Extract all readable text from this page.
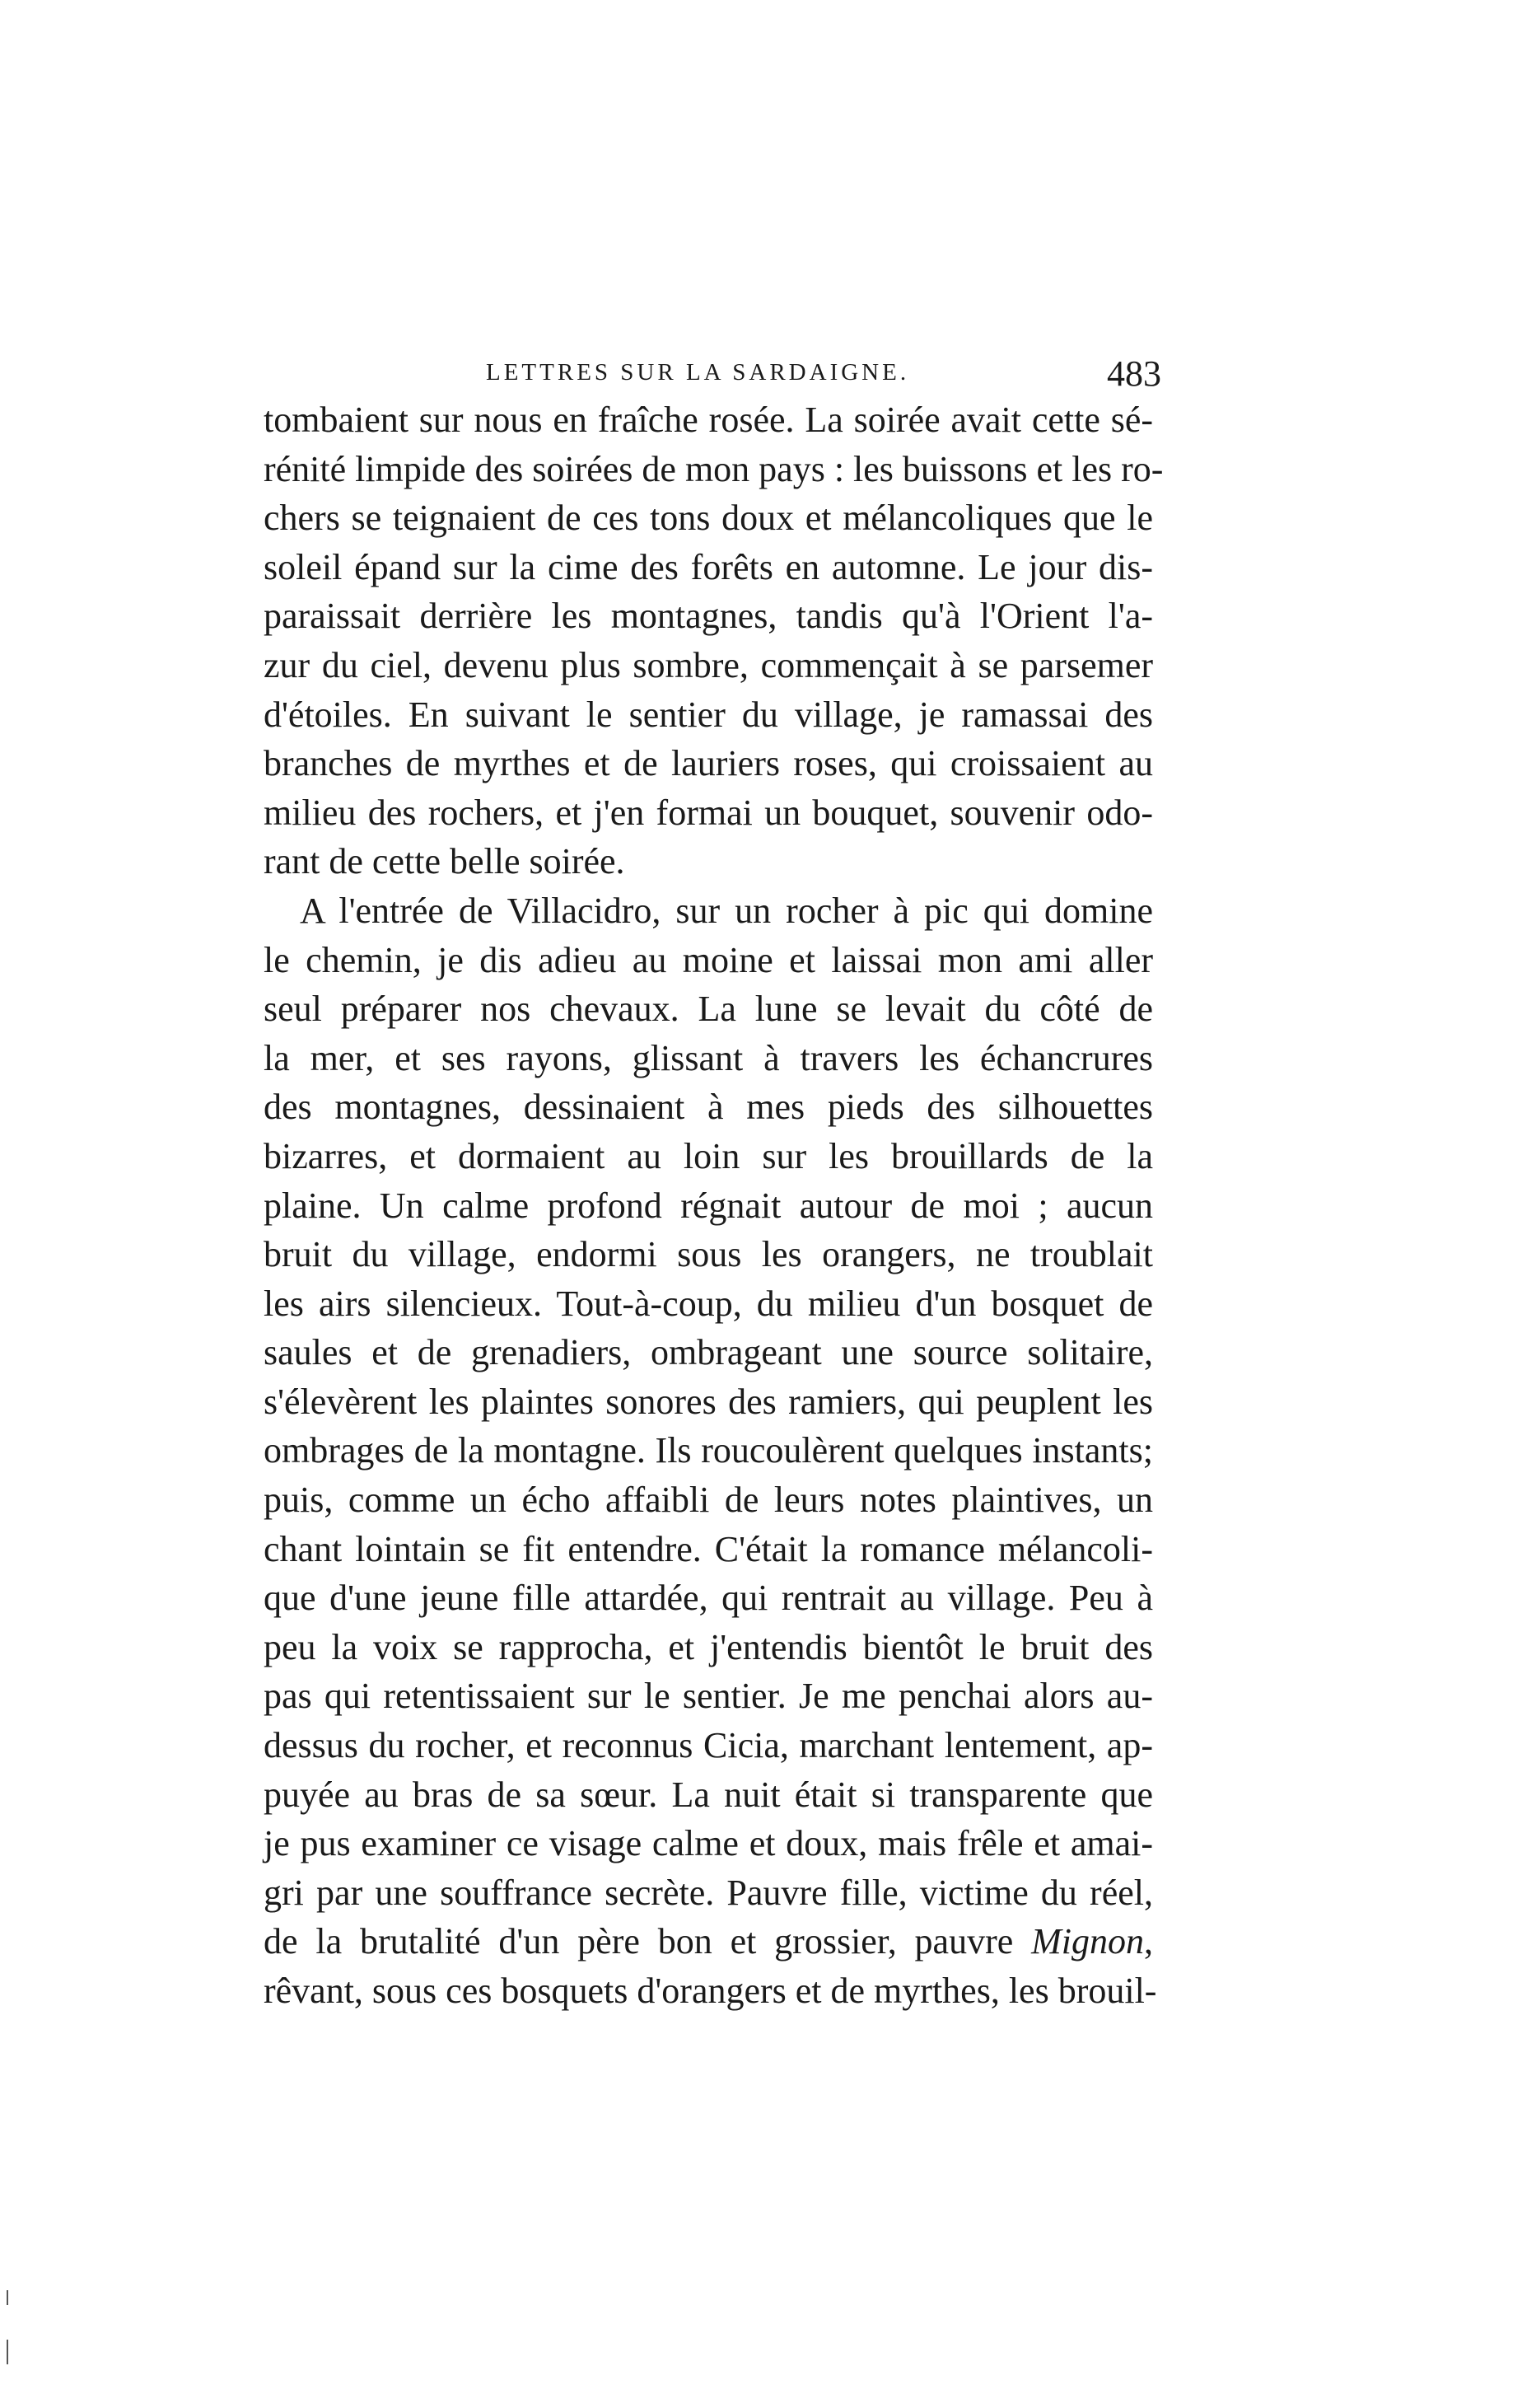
LETTRES SUR LA SARDAIGNE.	483
tombaient sur nous en fraîche rosée. La soirée avait cette sé-
rénité limpide des soirées de mon pays : les buissons et les ro-
chers se teignaient de ces tons doux et mélancoliques que le
soleil épand sur la cime des forêts en automne. Le jour dis-
paraissait derrière les montagnes, tandis qu'à l'Orient l'a-
zur du ciel, devenu plus sombre, commençait à se parsemer
d'étoiles. En suivant le sentier du village, je ramassai des
branches de myrthes et de lauriers roses, qui croissaient au
milieu des rochers, et j'en formai un bouquet, souvenir odo-
rant de cette belle soirée.
A l'entrée de Villacidro, sur un rocher à pic qui domine
le chemin, je dis adieu au moine et laissai mon ami aller
seul préparer nos chevaux. La lune se levait du côté de
la mer, et ses rayons, glissant à travers les échancrures
des montagnes, dessinaient à mes pieds des silhouettes
bizarres, et dormaient au loin sur les brouillards de la
plaine. Un calme profond régnait autour de moi ; aucun
bruit du village, endormi sous les orangers, ne troublait
les airs silencieux. Tout-à-coup, du milieu d'un bosquet de
saules et de grenadiers, ombrageant une source solitaire,
s'élevèrent les plaintes sonores des ramiers, qui peuplent les
ombrages de la montagne. Ils roucoulèrent quelques instants;
puis, comme un écho affaibli de leurs notes plaintives, un
chant lointain se fit entendre. C'était la romance mélancoli-
que d'une jeune fille attardée, qui rentrait au village. Peu à
peu la voix se rapprocha, et j'entendis bientôt le bruit des
pas qui retentissaient sur le sentier. Je me penchai alors au-
dessus du rocher, et reconnus Cicia, marchant lentement, ap-
puyée au bras de sa sœur. La nuit était si transparente que
je pus examiner ce visage calme et doux, mais frêle et amai-
gri par une souffrance secrète. Pauvre fille, victime du réel,
de la brutalité d'un père bon et grossier, pauvre Mignon,
rêvant, sous ces bosquets d'orangers et de myrthes, les brouil-
